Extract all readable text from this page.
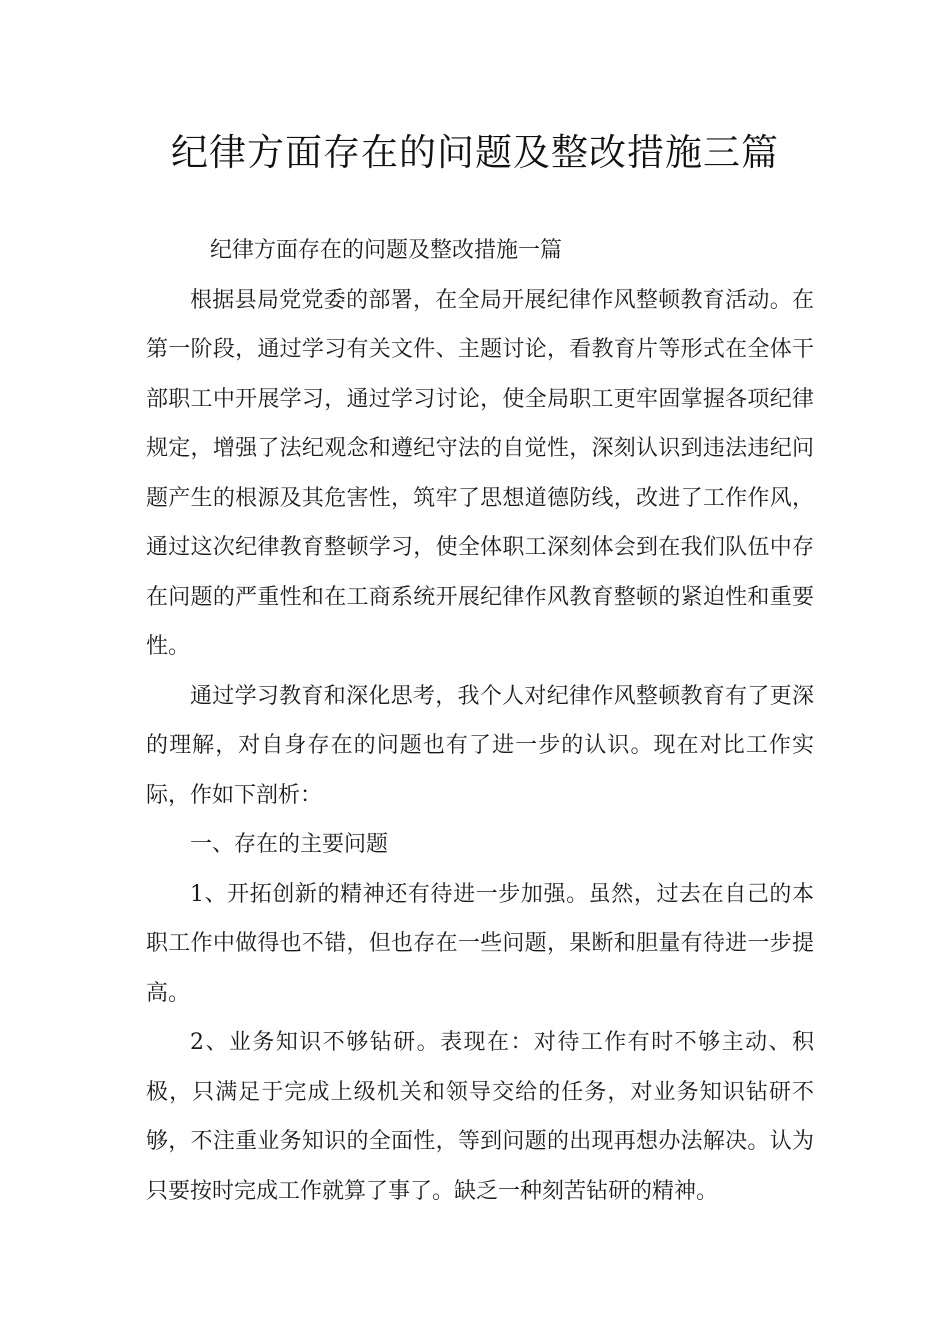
纪律方面存在的问题及整改措施三篇

纪律方面存在的问题及整改措施一篇

根据县局党党委的部署，在全局开展纪律作风整顿教育活动。在第一阶段，通过学习有关文件、主题讨论，看教育片等形式在全体干部职工中开展学习，通过学习讨论，使全局职工更牢固掌握各项纪律规定，增强了法纪观念和遵纪守法的自觉性，深刻认识到违法违纪问题产生的根源及其危害性，筑牢了思想道德防线，改进了工作作风，通过这次纪律教育整顿学习，使全体职工深刻体会到在我们队伍中存在问题的严重性和在工商系统开展纪律作风教育整顿的紧迫性和重要性。

通过学习教育和深化思考，我个人对纪律作风整顿教育有了更深的理解，对自身存在的问题也有了进一步的认识。现在对比工作实际，作如下剖析：

一、存在的主要问题

1、开拓创新的精神还有待进一步加强。虽然，过去在自己的本职工作中做得也不错，但也存在一些问题，果断和胆量有待进一步提高。

2、业务知识不够钻研。表现在：对待工作有时不够主动、积极，只满足于完成上级机关和领导交给的任务，对业务知识钻研不够，不注重业务知识的全面性，等到问题的出现再想办法解决。认为只要按时完成工作就算了事了。缺乏一种刻苦钻研的精神。
